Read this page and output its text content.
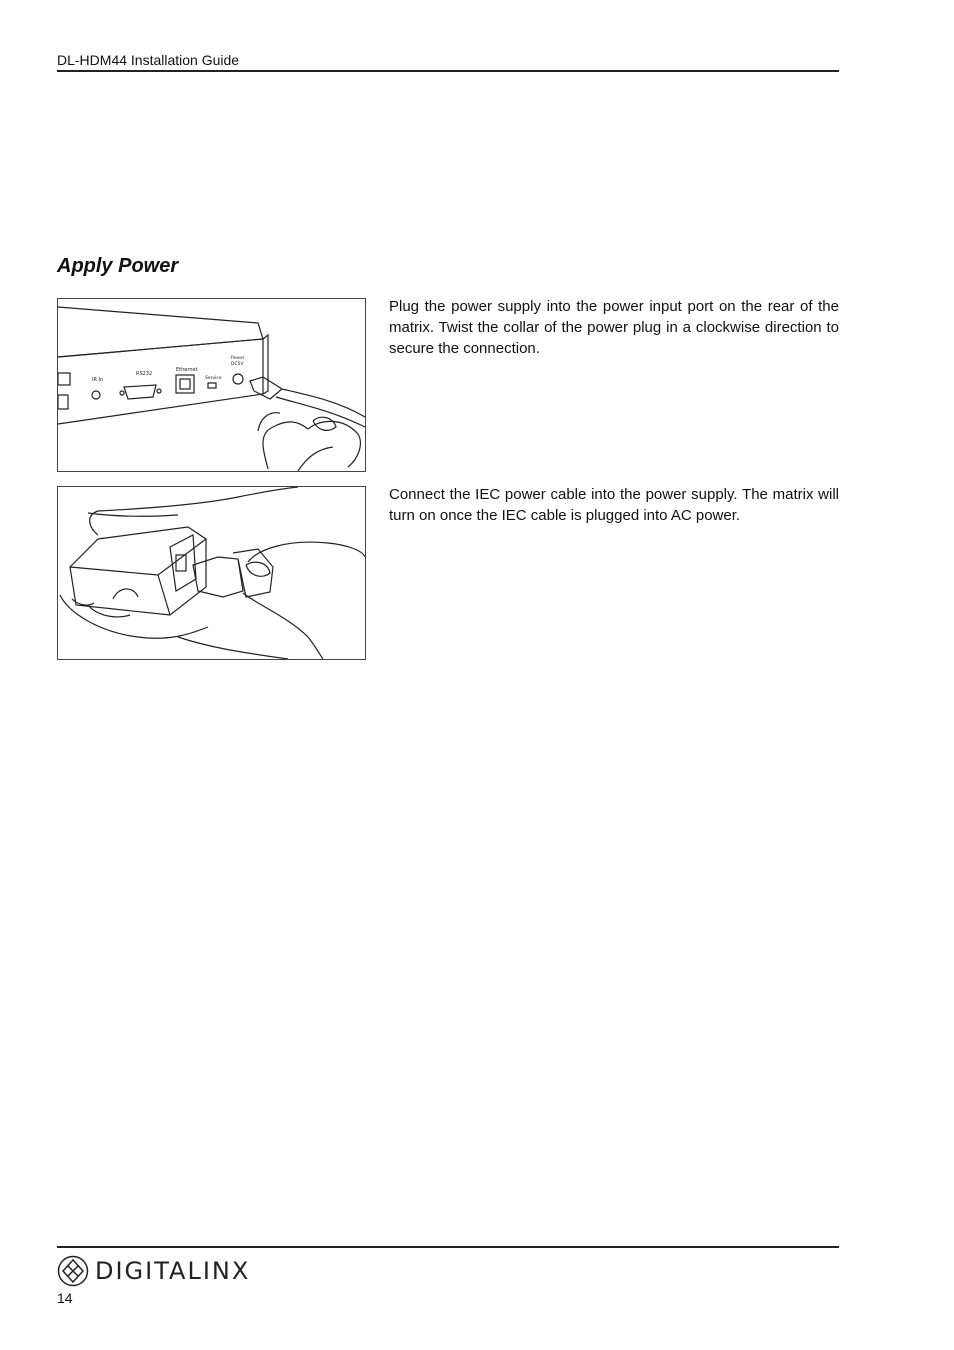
DL-HDM44 Installation Guide
Apply Power
IR In
RS232
Ethernet
Service
Power
DC5V
Plug the power supply into the power input port on the rear of the matrix. Twist the collar of the power plug in a clockwise direction to secure the connection.
Connect the IEC power cable into the power supply. The matrix will turn on once the IEC cable is plugged into AC power.
DIGITALINX
14
